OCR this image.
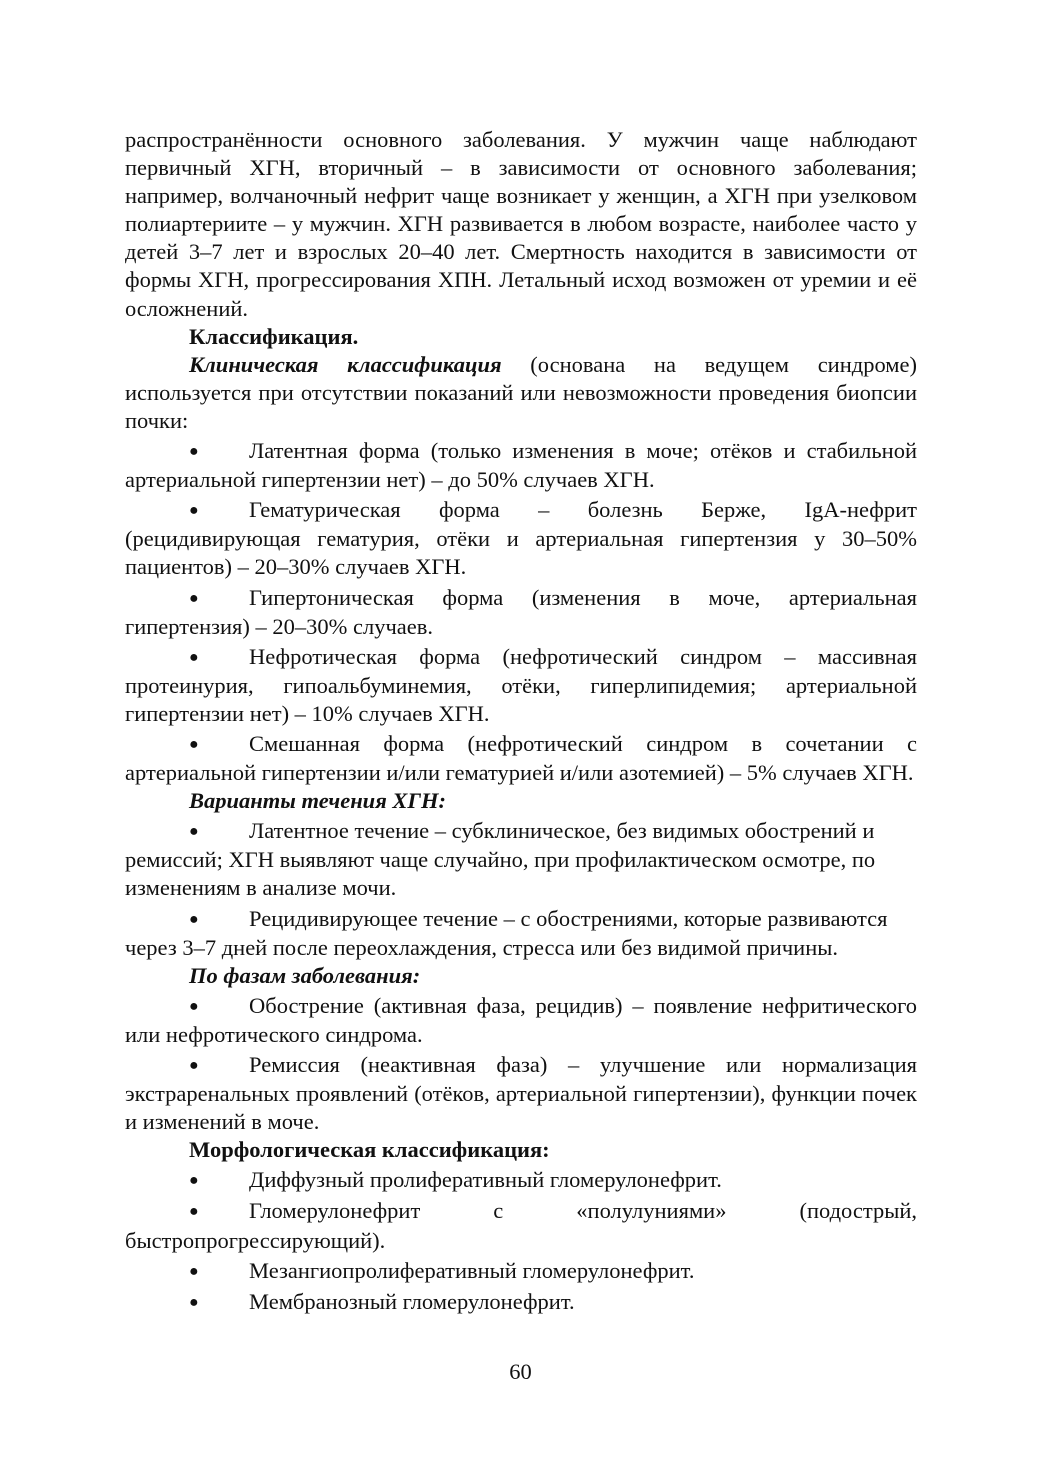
распространённости основного заболевания. У мужчин чаще наблюдают первичный ХГН, вторичный – в зависимости от основного заболевания; например, волчаночный нефрит чаще возникает у женщин, а ХГН при узелковом полиартериите – у мужчин. ХГН развивается в любом возрасте, наиболее часто у детей 3–7 лет и взрослых 20–40 лет. Смертность находится в зависимости от формы ХГН, прогрессирования ХПН. Летальный исход возможен от уремии и её осложнений.

Классификация.

Клиническая классификация (основана на ведущем синдроме) используется при отсутствии показаний или невозможности проведения биопсии почки:

● Латентная форма (только изменения в моче; отёков и стабильной артериальной гипертензии нет) – до 50% случаев ХГН.

● Гематурическая форма – болезнь Берже, IgA-нефрит (рецидивирующая гематурия, отёки и артериальная гипертензия у 30–50% пациентов) – 20–30% случаев ХГН.

● Гипертоническая форма (изменения в моче, артериальная гипертензия) – 20–30% случаев.

● Нефротическая форма (нефротический синдром – массивная протеинурия, гипоальбуминемия, отёки, гиперлипидемия; артериальной гипертензии нет) – 10% случаев ХГН.

● Смешанная форма (нефротический синдром в сочетании с артериальной гипертензии и/или гематурией и/или азотемией) – 5% случаев ХГН.

Варианты течения ХГН:

● Латентное течение – субклиническое, без видимых обострений и ремиссий; ХГН выявляют чаще случайно, при профилактическом осмотре, по изменениям в анализе мочи.

● Рецидивирующее течение – с обострениями, которые развиваются через 3–7 дней после переохлаждения, стресса или без видимой причины.

По фазам заболевания:

● Обострение (активная фаза, рецидив) – появление нефритического или нефротического синдрома.

● Ремиссия (неактивная фаза) – улучшение или нормализация экстраренальных проявлений (отёков, артериальной гипертензии), функции почек и изменений в моче.

Морфологическая классификация:

● Диффузный пролиферативный гломерулонефрит.

● Гломерулонефрит с «полулуниями» (подострый, быстропрогрессирующий).

● Мезангиопролиферативный гломерулонефрит.

● Мембранозный гломерулонефрит.

60
